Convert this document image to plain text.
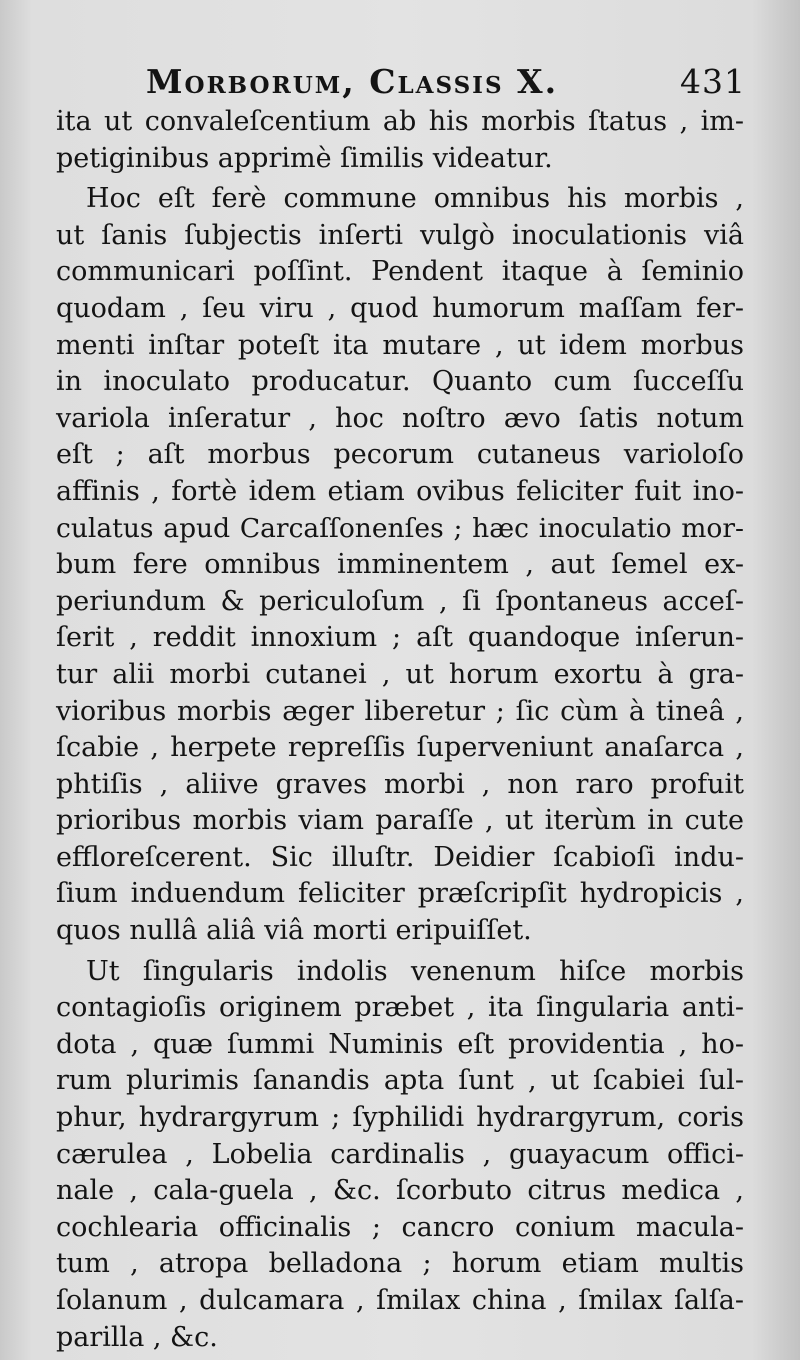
Morborum, Classis X.	431
ita ut convaleſcentium ab his morbis ſtatus , im-
petiginibus apprimè ſimilis videatur.
Hoc eſt ferè commune omnibus his morbis ,
ut ſanis ſubjectis inſerti vulgò inoculationis viâ
communicari poſſint. Pendent itaque à ſeminio
quodam , ſeu viru , quod humorum maſſam fer-
menti inſtar poteſt ita mutare , ut idem morbus
in inoculato producatur. Quanto cum ſucceſſu
variola inſeratur , hoc noſtro ævo ſatis notum
eſt ; aſt morbus pecorum cutaneus varioloſo
affinis , fortè idem etiam ovibus feliciter fuit ino-
culatus apud Carcaſſonenſes ; hæc inoculatio mor-
bum fere omnibus imminentem , aut ſemel ex-
periundum & periculoſum , ſi ſpontaneus acceſ-
ſerit , reddit innoxium ; aſt quandoque inſerun-
tur alii morbi cutanei , ut horum exortu à gra-
vioribus morbis æger liberetur ; ſic cùm à tineâ ,
ſcabie , herpete repreſſis ſuperveniunt anaſarca ,
phtiſis , aliive graves morbi , non raro profuit
prioribus morbis viam paraſſe , ut iterùm in cute
effloreſcerent. Sic illuſtr. Deidier ſcabioſi indu-
ſium induendum feliciter præſcripſit hydropicis ,
quos nullâ aliâ viâ morti eripuiſſet.
Ut ſingularis indolis venenum hiſce morbis
contagioſis originem præbet , ita ſingularia anti-
dota , quæ ſummi Numinis eſt providentia , ho-
rum plurimis ſanandis apta ſunt , ut ſcabiei ſul-
phur, hydrargyrum ; ſyphilidi hydrargyrum, coris
cærulea , Lobelia cardinalis , guayacum offici-
nale , cala-guela , &c. ſcorbuto citrus medica ,
cochlearia officinalis ; cancro conium macula-
tum , atropa belladona ; horum etiam multis
ſolanum , dulcamara , ſmilax china , ſmilax ſalſa-
parilla , &c.
